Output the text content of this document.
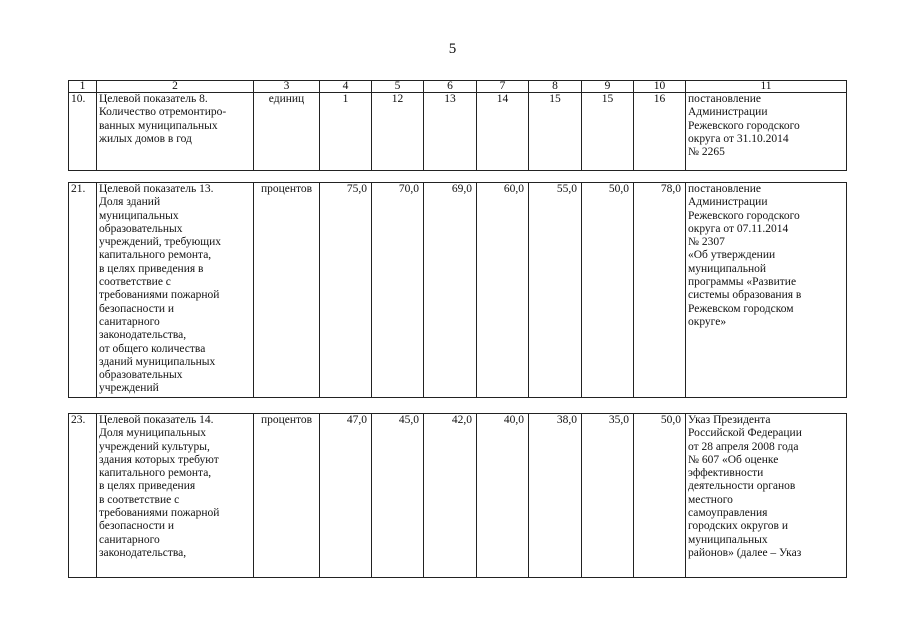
5
1	2	3	4	5	6	7	8	9	10	11
10.	Целевой показатель 8.
Количество отремонтиро-
ванных муниципальных
жилых домов в год	единиц	1	12	13	14	15	15	16	постановление
Администрации
Режевского городского
округа от 31.10.2014
№ 2265
21.	Целевой показатель 13.
Доля зданий
муниципальных
образовательных
учреждений, требующих
капитального ремонта,
в целях приведения в
соответствие с
требованиями пожарной
безопасности и
санитарного
законодательства,
от общего количества
зданий муниципальных
образовательных
учреждений	процентов	75,0	70,0	69,0	60,0	55,0	50,0	78,0	постановление
Администрации
Режевского городского
округа от 07.11.2014
№ 2307
«Об утверждении
муниципальной
программы «Развитие
системы образования в
Режевском городском
округе»
23.	Целевой показатель 14.
Доля муниципальных
учреждений культуры,
здания которых требуют
капитального ремонта,
в целях приведения
в соответствие с
требованиями пожарной
безопасности и
санитарного
законодательства,	процентов	47,0	45,0	42,0	40,0	38,0	35,0	50,0	Указ Президента
Российской Федерации
от 28 апреля 2008 года
№ 607 «Об оценке
эффективности
деятельности органов
местного
самоуправления
городских округов и
муниципальных
районов» (далее – Указ
